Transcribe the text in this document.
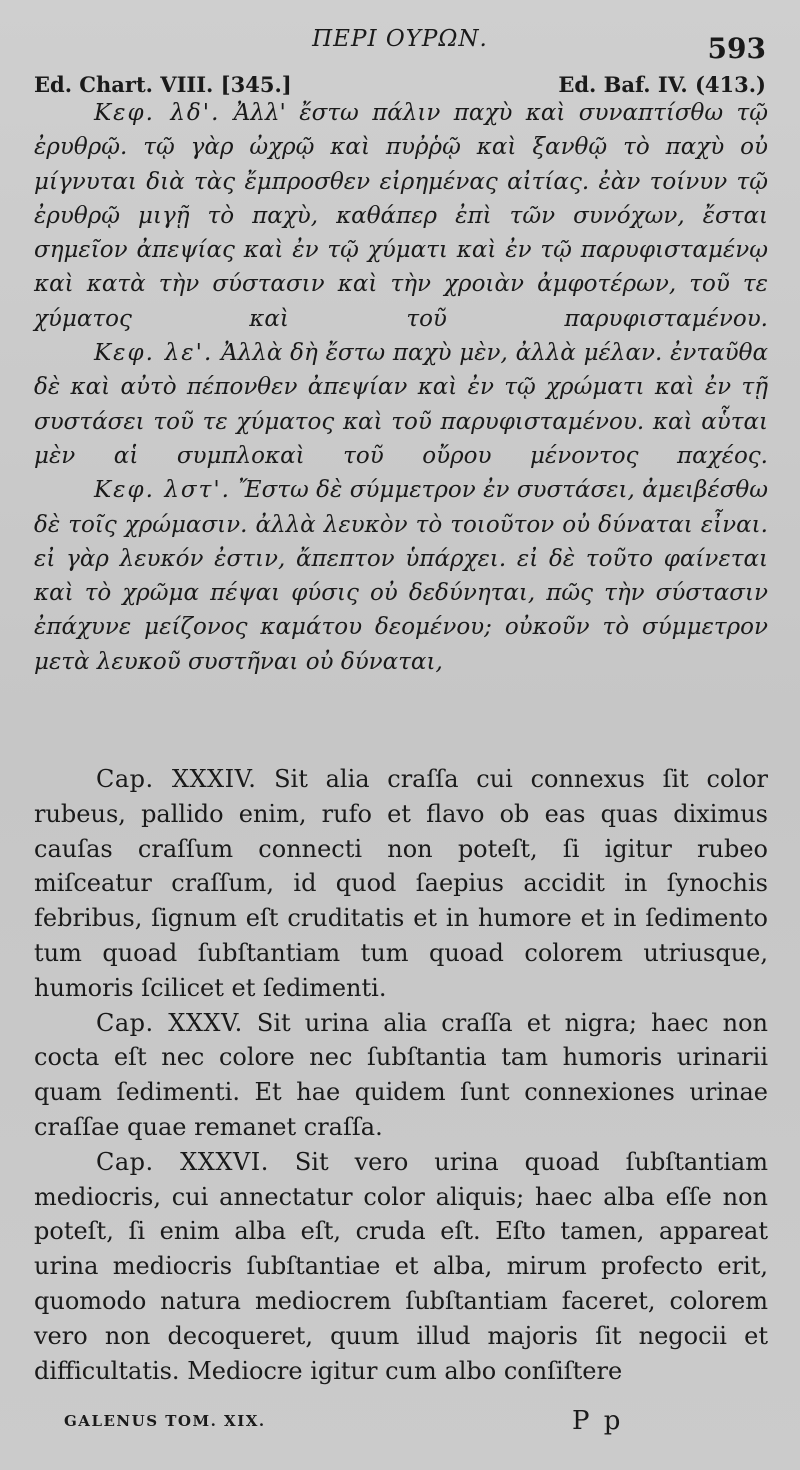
ΠΕΡΙ ΟΥΡΩΝ.	593
Ed. Chart. VIII. [345.]	Ed. Baf. IV. (413.)

Κεφ. λδ'. Ἀλλ' ἔστω πάλιν παχὺ καὶ συναπτίσθω τῷ ἐρυθρῷ. τῷ γὰρ ὠχρῷ καὶ πυῤῥῷ καὶ ξανθῷ τὸ παχὺ οὐ μίγνυται διὰ τὰς ἔμπροσθεν εἰρημένας αἰτίας. ἐὰν τοίνυν τῷ ἐρυθρῷ μιγῇ τὸ παχὺ, καθάπερ ἐπὶ τῶν συνόχων, ἔσται σημεῖον ἀπεψίας καὶ ἐν τῷ χύματι καὶ ἐν τῷ παρυφισταμένῳ καὶ κατὰ τὴν σύστασιν καὶ τὴν χροιὰν ἀμφοτέρων, τοῦ τε χύματος καὶ τοῦ παρυφισταμένου.

Κεφ. λε'. Ἀλλὰ δὴ ἔστω παχὺ μὲν, ἀλλὰ μέλαν. ἐνταῦθα δὲ καὶ αὐτὸ πέπονθεν ἀπεψίαν καὶ ἐν τῷ χρώματι καὶ ἐν τῇ συστάσει τοῦ τε χύματος καὶ τοῦ παρυφισταμένου. καὶ αὗται μὲν αἱ συμπλοκαὶ τοῦ οὔρου μένοντος παχέος.

Κεφ. λστ'. Ἔστω δὲ σύμμετρον ἐν συστάσει, ἀμειβέσθω δὲ τοῖς χρώμασιν. ἀλλὰ λευκὸν τὸ τοιοῦτον οὐ δύναται εἶναι. εἰ γὰρ λευκόν ἐστιν, ἄπεπτον ὑπάρχει. εἰ δὲ τοῦτο φαίνεται καὶ τὸ χρῶμα πέψαι φύσις οὐ δεδύνηται, πῶς τὴν σύστασιν ἐπάχυνε μείζονος καμάτου δεομένου; οὐκοῦν τὸ σύμμετρον μετὰ λευκοῦ συστῆναι οὐ δύναται,

Cap. XXXIV. Sit alia craſſa cui connexus ſit color rubeus, pallido enim, rufo et flavo ob eas quas diximus cauſas craſſum connecti non poteſt, ſi igitur rubeo miſceatur craſſum, id quod ſaepius accidit in ſynochis febribus, ſignum eſt cruditatis et in humore et in ſedimento tum quoad ſubſtantiam tum quoad colorem utriusque, humoris ſcilicet et ſedimenti.

Cap. XXXV. Sit urina alia craſſa et nigra; haec non cocta eſt nec colore nec ſubſtantia tam humoris urinarii quam ſedimenti. Et hae quidem ſunt connexiones urinae craſſae quae remanet craſſa.

Cap. XXXVI. Sit vero urina quoad ſubſtantiam mediocris, cui annectatur color aliquis; haec alba eſſe non poteſt, ſi enim alba eſt, cruda eſt. Eſto tamen, appareat urina mediocris ſubſtantiae et alba, mirum profecto erit, quomodo natura mediocrem ſubſtantiam faceret, colorem vero non decoqueret, quum illud majoris ſit negocii et difficultatis. Mediocre igitur cum albo conſiſtere

GALENUS TOM. XIX.	P p
